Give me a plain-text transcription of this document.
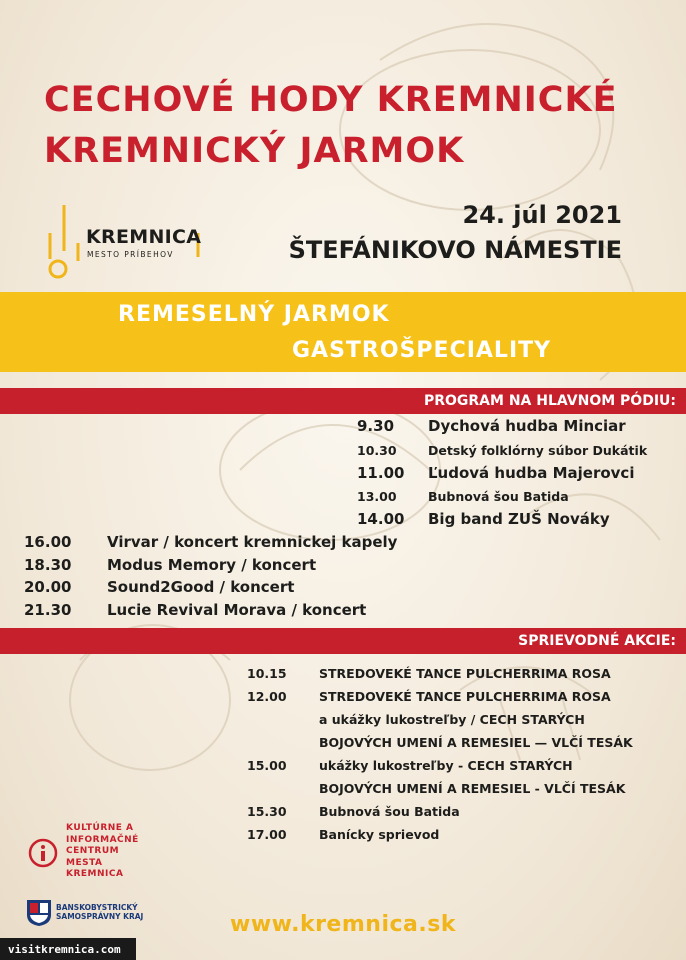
CECHOVÉ HODY KREMNICKÉ
KREMNICKÝ JARMOK
KREMNICA
MESTO PRÍBEHOV
24. júl 2021
ŠTEFÁNIKOVO NÁMESTIE
REMESELNÝ JARMOK
GASTROŠPECIALITY
PROGRAM NA HLAVNOM PÓDIU:
9.30 Dychová hudba Minciar
10.30	Detský folklórny súbor Dukátik
11.00 Ľudová hudba Majerovci
13.00	Bubnová šou Batida
14.00 Big band ZUŠ Nováky
16.00 Virvar / koncert kremnickej kapely
18.30 Modus Memory / koncert
20.00 Sound2Good / koncert
21.30 Lucie Revival Morava / koncert
SPRIEVODNÉ AKCIE:
10.15	STREDOVEKÉ TANCE PULCHERRIMA ROSA
12.00	STREDOVEKÉ TANCE PULCHERRIMA ROSA
a ukážky lukostreľby / CECH STARÝCH
BOJOVÝCH UMENÍ A REMESIEL — VLČÍ TESÁK
15.00	ukážky lukostreľby - CECH STARÝCH
BOJOVÝCH UMENÍ A REMESIEL - VLČÍ TESÁK
15.30	Bubnová šou Batida
17.00	Banícky sprievod
KULTÚRNE A
INFORMAČNÉ
CENTRUM
MESTA
KREMNICA
BANSKOBYSTRICKÝ
SAMOSPRÁVNY KRAJ	www.kremnica.sk
visitkremnica.com
